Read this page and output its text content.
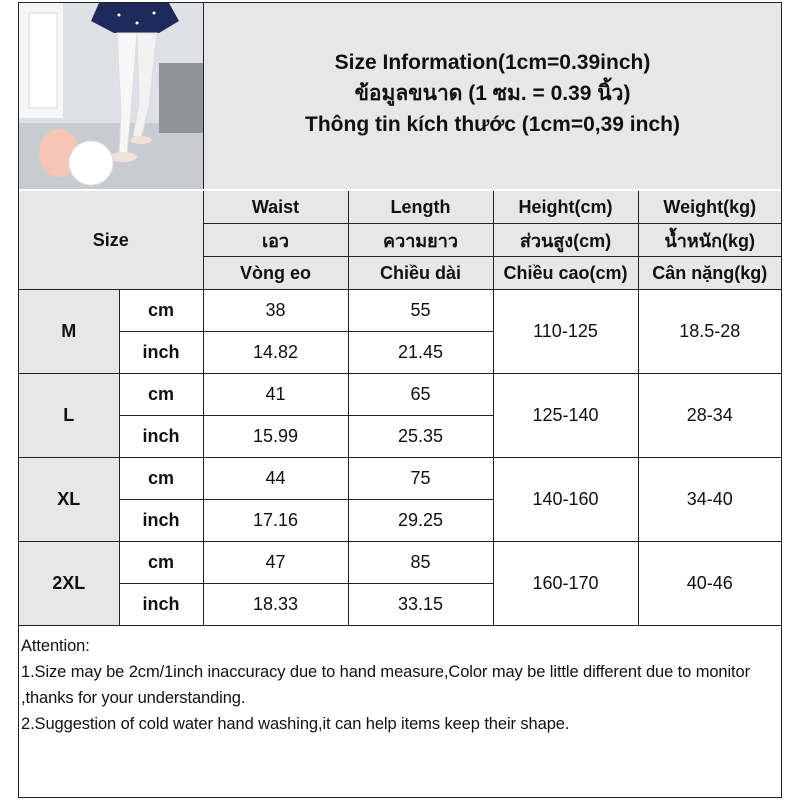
Size Information(1cm=0.39inch)
ข้อมูลขนาด (1 ซม. = 0.39 นิ้ว)
Thông tin kích thước (1cm=0,39 inch)
Size		Waist	Length	Height(cm)	Weight(kg)
		เอว	ความยาว	ส่วนสูง(cm)	น้ำหนัก(kg)
		Vòng eo	Chiều dài	Chiều cao(cm)	Cân nặng(kg)
M	cm	38	55	110-125	18.5-28
	inch	14.82	21.45		
L	cm	41	65	125-140	28-34
	inch	15.99	25.35		
XL	cm	44	75	140-160	34-40
	inch	17.16	29.25		
2XL	cm	47	85	160-170	40-46
	inch	18.33	33.15		
Attention:
1.Size may be 2cm/1inch inaccuracy due to hand measure,Color may be little different due to monitor ,thanks for your understanding.
2.Suggestion of cold water hand washing,it can help items keep their shape.
